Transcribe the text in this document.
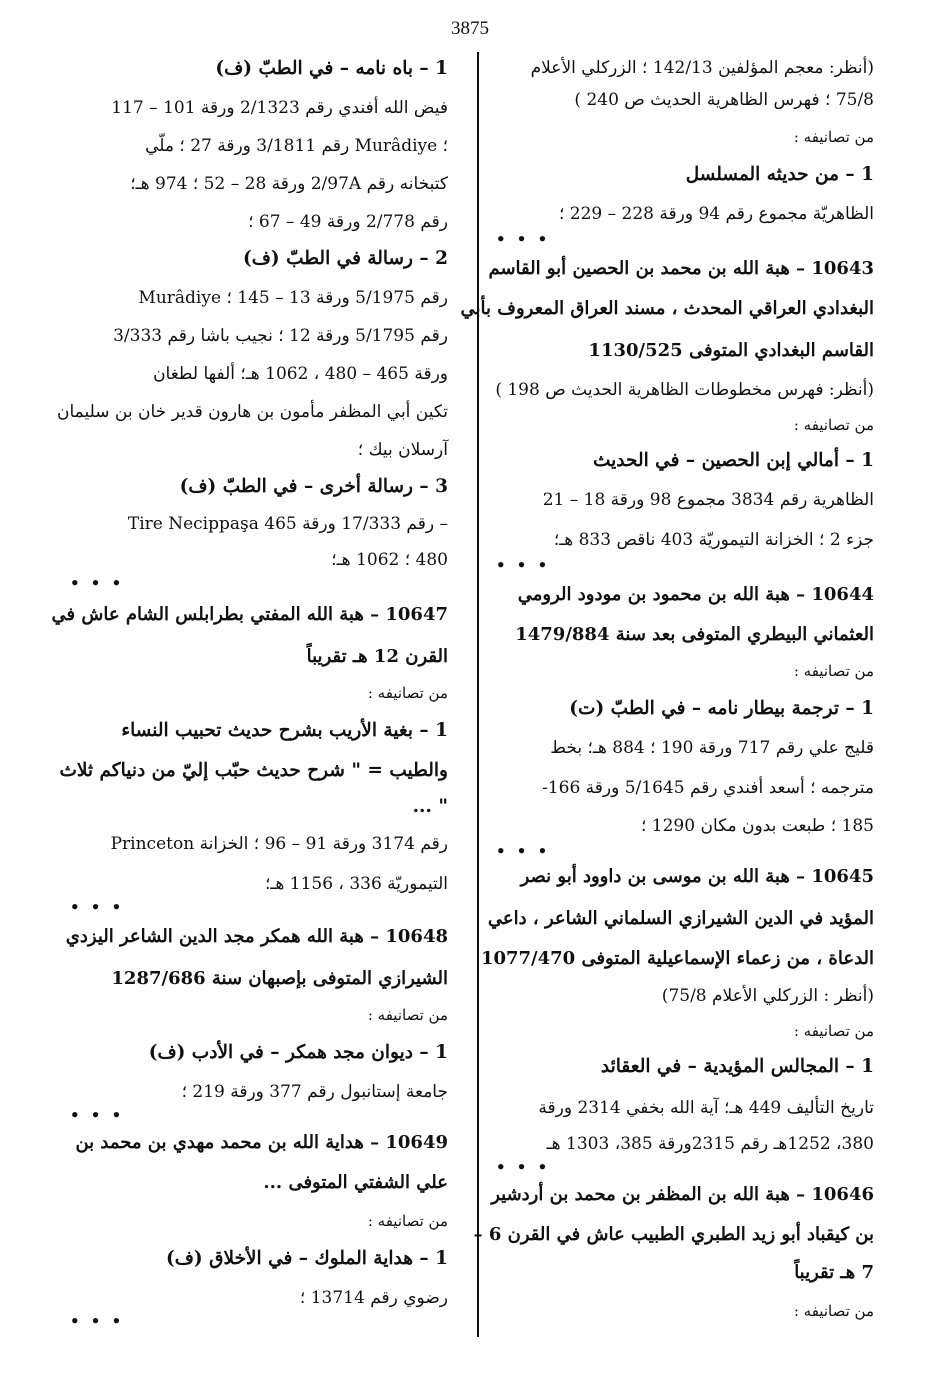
3875
(أنظر: معجم المؤلفين 142/13 ؛ الزركلي الأعلام
75/8 ؛ فهرس الظاهرية الحديث ص 240 )
من تصانيفه :
1 – من حديثه المسلسل
الظاهريّة مجموع رقم 94 ورقة 228 – 229 ؛
• • •
10643 – هبة الله بن محمد بن الحصين أبو القاسم
البغدادي العراقي المحدث ، مسند العراق المعروف بأبي
القاسم البغدادي المتوفى 1130/525
(أنظر: فهرس مخطوطات الظاهرية الحديث ص 198 )
من تصانيفه :
1 – أمالي إبن الحصين – في الحديث
الظاهرية رقم 3834 مجموع 98 ورقة 18 – 21
جزء 2 ؛ الخزانة التيموريّة 403 ناقص 833 هـ؛
• • •
10644 – هبة الله بن محمود بن مودود الرومي
العثماني البيطري المتوفى بعد سنة 1479/884
من تصانيفه :
1 – ترجمة بيطار نامه – في الطبّ (ت)
قليج علي رقم 717 ورقة 190 ؛ 884 هـ؛ بخط
مترجمه ؛ أسعد أفندي رقم 5/1645 ورقة 166-
185 ؛ طبعت بدون مكان 1290 ؛
• • •
10645 – هبة الله بن موسى بن داوود أبو نصر
المؤيد في الدين الشيرازي السلماني الشاعر ، داعي
الدعاة ، من زعماء الإسماعيلية المتوفى 1077/470
(أنظر : الزركلي الأعلام 75/8)
من تصانيفه :
1 – المجالس المؤيدية – في العقائد
تاريخ التأليف 449 هـ؛ آية الله بخفي 2314 ورقة
380، 1252هـ رقم 2315ورقة 385، 1303 هـ
• • •
10646 – هبة الله بن المظفر بن محمد بن أردشير
بن كيقباد أبو زيد الطبري الطبيب عاش في القرن 6 –
7 هـ تقريباً
من تصانيفه :
1 – باه نامه – في الطبّ (ف)
فيض الله أفندي رقم 2/1323 ورقة 101 – 117
؛ Murâdiye رقم 3/1811 ورقة 27 ؛ ملّي
كتبخانه رقم 2/97A ورقة 28 – 52 ؛ 974 هـ؛
رقم 2/778 ورقة 49 – 67 ؛
2 – رسالة في الطبّ (ف)
Murâdiye رقم 5/1975 ورقة 13 – 145 ؛
رقم 5/1795 ورقة 12 ؛ نجيب باشا رقم 3/333
ورقة 465 – 480 ، 1062 هـ؛ ألفها لطغان
تكين أبي المظفر مأمون بن هارون قدير خان بن سليمان
آرسلان بيك ؛
3 – رسالة أخرى – في الطبّ (ف)
Tire Necippaşa رقم 17/333 ورقة 465 –
480 ؛ 1062 هـ؛
• • •
10647 – هبة الله المفتي بطرابلس الشام عاش في
القرن 12 هـ تقريباً
من تصانيفه :
1 – بغية الأريب بشرح حديث تحبيب النساء
والطيب = " شرح حديث حبّب إليّ من دنياكم ثلاث
... "
Princeton رقم 3174 ورقة 91 – 96 ؛ الخزانة
التيموريّة 336 ، 1156 هـ؛
• • •
10648 – هبة الله همكر مجد الدين الشاعر اليزدي
الشيرازي المتوفى بإصبهان سنة 1287/686
من تصانيفه :
1 – ديوان مجد همكر – في الأدب (ف)
جامعة إستانبول رقم 377 ورقة 219 ؛
• • •
10649 – هداية الله بن محمد مهدي بن محمد بن
علي الشفتي المتوفى ...
من تصانيفه :
1 – هداية الملوك – في الأخلاق (ف)
رضوي رقم 13714 ؛
• • •
